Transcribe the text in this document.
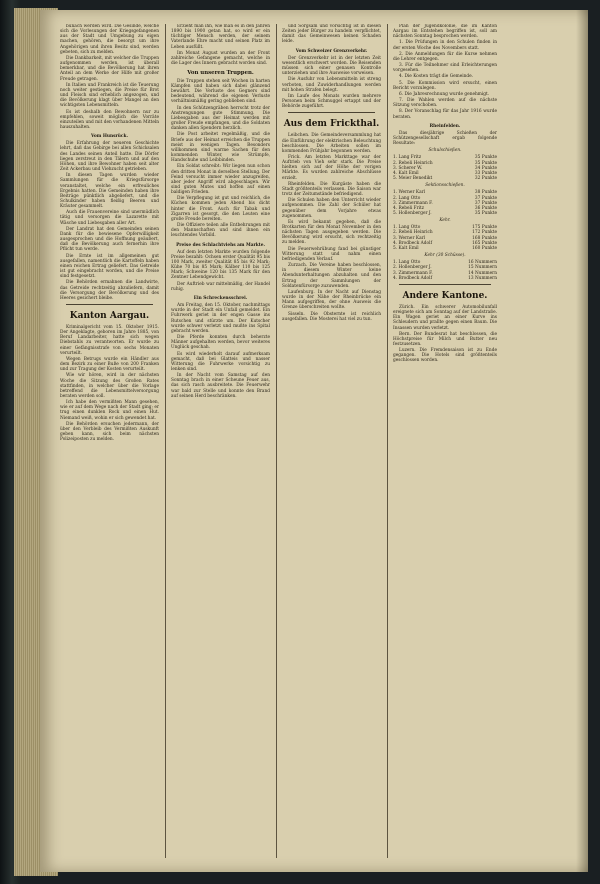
bunach werden wird. Die Gesinde, welche sich die Vorlesungen der Kriegsgefangenen aus der Stadt und Umgebung zu eigen machen, gehören, die besorgt um ihre Angehörigen und ihren Besitz sind, werden gebeten, sich zu melden.

Die Dankbarkeit, mit welcher die Truppen aufgenommen werden, ist überall bemerkbar, und die Bevölkerung hat ihren Anteil an dem Werke der Hilfe mit großer Freude getragen.

In Italien und Frankreich ist die Teuerung noch weiter gestiegen, die Preise für Brot und Fleisch sind erheblich angezogen, und die Bevölkerung klagt über Mangel an den wichtigsten Lebensmitteln.

Es ist deshalb den Bewohnern nur zu empfehlen, soweit möglich die Vorräte einzuteilen und mit den vorhandenen Mitteln hauszuhalten.

Vom Hunsrück.

Die Erfahrung der neueren Geschichte lehrt, daß das Gebirge bei allen Schicksalen des Landes seinen Anteil hatte. Die Dörfer liegen zerstreut in den Tälern und auf den Höhen, und ihre Bewohner haben seit alter Zeit Ackerbau und Viehzucht getrieben.

In diesen Tagen wurden wieder Sammlungen für die Kriegsfürsorge veranstaltet, welche ein erfreuliches Ergebnis hatten. Die Gemeinden haben ihre Beiträge pünktlich abgeliefert, und die Schulkinder haben fleißig Beeren und Kräuter gesammelt.

Auch die Frauenvereine sind unermüdlich tätig und versorgen die Lazarette mit Wäsche und Liebesgaben aller Art.

Der Landrat hat den Gemeinden seinen Dank für die bewiesene Opferwilligkeit ausgesprochen und die Hoffnung geäußert, daß die Bevölkerung auch fernerhin ihre Pflicht tun werde.

Die Ernte ist im allgemeinen gut ausgefallen, namentlich die Kartoffeln haben einen reichen Ertrag geliefert. Das Getreide ist gut eingebracht worden, und die Preise sind festgesetzt.

Die Behörden ermahnen die Landwirte, das Getreide rechtzeitig abzuliefern, damit die Versorgung der Bevölkerung und des Heeres gesichert bleibe.

Kanton Aargau.

Kriminalgericht vom 15. Oktober 1915. Der Angeklagte, geboren im Jahre 1885, von Beruf Landarbeiter, hatte sich wegen Diebstahls zu verantworten. Er wurde zu einer Gefängnisstrafe von sechs Monaten verurteilt.

Wegen Betrugs wurde ein Händler aus dem Bezirk zu einer Buße von 200 Franken und zur Tragung der Kosten verurteilt.

Wie wir hören, wird in der nächsten Woche die Sitzung des Großen Rates stattfinden, in welcher über die Vorlage betreffend die Lebensmittelversorgung beraten werden soll.

Ich habe den vermißten Mann gesehen, wie er auf dem Wege nach der Stadt ging; er trug einen dunklen Rock und einen Hut. Niemand weiß, wohin er sich gewendet hat.

Die Behörden ersuchen jedermann, der über den Verbleib des Vermißten Auskunft geben kann, sich beim nächsten Polizeiposten zu melden.

Erzieht man ihn, wie man es in den Jahren 1890 bis 1900 getan hat, so wird er ein tüchtiger Mensch werden, der seinem Vaterlande Ehre macht und seinen Platz im Leben ausfüllt.

Im Monat August wurden an der Front zahlreiche Gefangene gemacht, welche in die Lager des Innern gebracht worden sind.

Von unseren Truppen.

Die Truppen stehen seit Wochen in harten Kämpfen und haben sich dabei glänzend bewährt. Die Verluste des Gegners sind bedeutend, während die eigenen Verluste verhältnismäßig gering geblieben sind.

In den Schützengräben herrscht trotz der Anstrengungen gute Stimmung. Die Liebesgaben aus der Heimat werden mit großer Freude empfangen, und die Soldaten danken allen Spendern herzlich.

Die Post arbeitet regelmäßig, und die Briefe aus der Heimat erreichen die Truppen meist in wenigen Tagen. Besonders willkommen sind warme Sachen für den kommenden Winter, wie Strümpfe, Handschuhe und Leibbinden.

Ein Soldat schreibt: Wir liegen nun schon den dritten Monat in derselben Stellung. Der Feind versucht immer wieder anzugreifen, aber jeder Angriff wird abgeschlagen. Wir sind guten Mutes und hoffen auf einen baldigen Frieden.

Die Verpflegung ist gut und reichlich, die Küchen kommen jeden Abend bis dicht hinter die Front. Auch für Tabak und Zigarren ist gesorgt, die den Leuten eine große Freude bereiten.

Die Offiziere teilen alle Entbehrungen mit den Mannschaften und sind ihnen ein leuchtendes Vorbild.

Preise des Schlachtviehs am Markte.

Auf dem letzten Markte wurden folgende Preise bezahlt: Ochsen erster Qualität 95 bis 100 Mark, zweiter Qualität 85 bis 92 Mark; Kühe 70 bis 85 Mark; Kälber 110 bis 125 Mark; Schweine 120 bis 135 Mark für den Zentner Lebendgewicht.

Der Auftrieb war mittelmäßig, der Handel ruhig.

Ein Schreckensschrei.

Am Freitag, den 15. Oktober, nachmittags wurde in der Stadt ein Unfall gemeldet. Ein Fuhrwerk geriet in der engen Gasse ins Rutschen und stürzte um. Der Kutscher wurde schwer verletzt und mußte ins Spital gebracht werden.

Die Pferde konnten durch beherzte Männer aufgehalten werden, bevor weiteres Unglück geschah.

Es wird wiederholt darauf aufmerksam gemacht, daß bei Glatteis und nasser Witterung die Fuhrwerke vorsichtig zu lenken sind.

In der Nacht vom Samstag auf den Sonntag brach in einer Scheune Feuer aus, das sich rasch ausbreitete. Die Feuerwehr war bald zur Stelle und konnte den Brand auf seinen Herd beschränken.

und Sorgsam und vorsichtig ist in diesen Zeiten jeder Bürger zu handeln verpflichtet, damit das Gemeinwesen keinen Schaden leide.

Vom Schweizer Grenzverkehr.

Der Grenzverkehr ist in der letzten Zeit wesentlich erschwert worden. Die Reisenden müssen sich einer genauen Kontrolle unterziehen und ihre Ausweise vorweisen.

Die Ausfuhr von Lebensmitteln ist streng verboten, und Zuwiderhandlungen werden mit hohen Strafen belegt.

Im Laufe des Monats wurden mehrere Personen beim Schmuggel ertappt und der Behörde zugeführt.

Aus dem Frickthal.

Leibchen. Die Gemeindeversammlung hat die Einführung der elektrischen Beleuchtung beschlossen. Die Arbeiten sollen im kommenden Frühjahr begonnen werden.

Frick. Am letzten Markttage war der Auftrieb von Vieh sehr stark. Die Preise hielten sich auf der Höhe der vorigen Märkte. Es wurden zahlreiche Abschlüsse erzielt.

Rheinfelden. Die Kurgäste haben die Stadt größtenteils verlassen. Die Saison war trotz der Zeitumstände befriedigend.

Die Schulen haben den Unterricht wieder aufgenommen. Die Zahl der Schüler hat gegenüber dem Vorjahre etwas zugenommen.

Es wird bekannt gegeben, daß die Brotkarten für den Monat November in den nächsten Tagen ausgegeben werden. Die Bevölkerung wird ersucht, sich rechtzeitig zu melden.

Die Feuerwehrübung fand bei günstiger Witterung statt und nahm einen befriedigenden Verlauf.

Zurzach. Die Vereine haben beschlossen, in diesem Winter keine Abendunterhaltungen abzuhalten und den Ertrag der Sammlungen der Soldatenfürsorge zuzuwenden.

Laufenburg. In der Nacht auf Dienstag wurde in der Nähe der Rheinbrücke ein Mann aufgegriffen, der ohne Ausweis die Grenze überschreiten wollte.

Sisseln. Die Obsternte ist reichlich ausgefallen. Die Mosterei hat viel zu tun.

Plan der Jugendkolonie, die im Kanton Aargau im Entstehen begriffen ist, soll am nächsten Sonntag besprochen werden.

1. Die Prüfungen in den Schulen finden in der ersten Woche des Novembers statt.

2. Die Anmeldungen für die Kurse nehmen die Lehrer entgegen.

3. Für die Teilnehmer sind Erleichterungen vorgesehen.

4. Die Kosten trägt die Gemeinde.

5. Die Kommission wird ersucht, einen Bericht vorzulegen.

6. Die Jahresrechnung wurde genehmigt.

7. Die Wahlen werden auf die nächste Sitzung verschoben.

8. Der Voranschlag für das Jahr 1916 wurde beraten.

Rheinfelden.

Das diesjährige Schießen der Schützengesellschaft ergab folgende Resultate:

Schulschießen.
1. Lang Fritz	35 Punkte
2. Rebeli Heinrich	35 Punkte
3. Scherer W.	34 Punkte
4. Kalt Emil	33 Punkte
5. Meier Benedikt	32 Punkte
Sektionsschießen.
1. Werner Karl	38 Punkte
2. Lang Otto	37 Punkte
3. Zimmermann F.	37 Punkte
4. Rebeli Fritz	36 Punkte
5. Hollenberger J.	35 Punkte
Kehr.
1. Lang Otto	175 Punkte
2. Rebeli Heinrich	172 Punkte
3. Werner Karl	168 Punkte
4. Brodbeck Adolf	165 Punkte
5. Kalt Emil	160 Punkte
Kehr (30 Schüsse).
1. Lang Otto	16 Nummern
2. Hollenberger J.	15 Nummern
3. Zimmermann F.	14 Nummern
4. Brodbeck Adolf	13 Nummern
Andere Kantone.

Zürich. Ein schwerer Automobilunfall ereignete sich am Sonntag auf der Landstraße. Ein Wagen geriet an einer Kurve ins Schleudern und prallte gegen einen Baum. Die Insassen wurden verletzt.

Bern. Der Bundesrat hat beschlossen, die Höchstpreise für Milch und Butter neu festzusetzen.

Luzern. Die Fremdensaison ist zu Ende gegangen. Die Hotels sind größtenteils geschlossen worden.
